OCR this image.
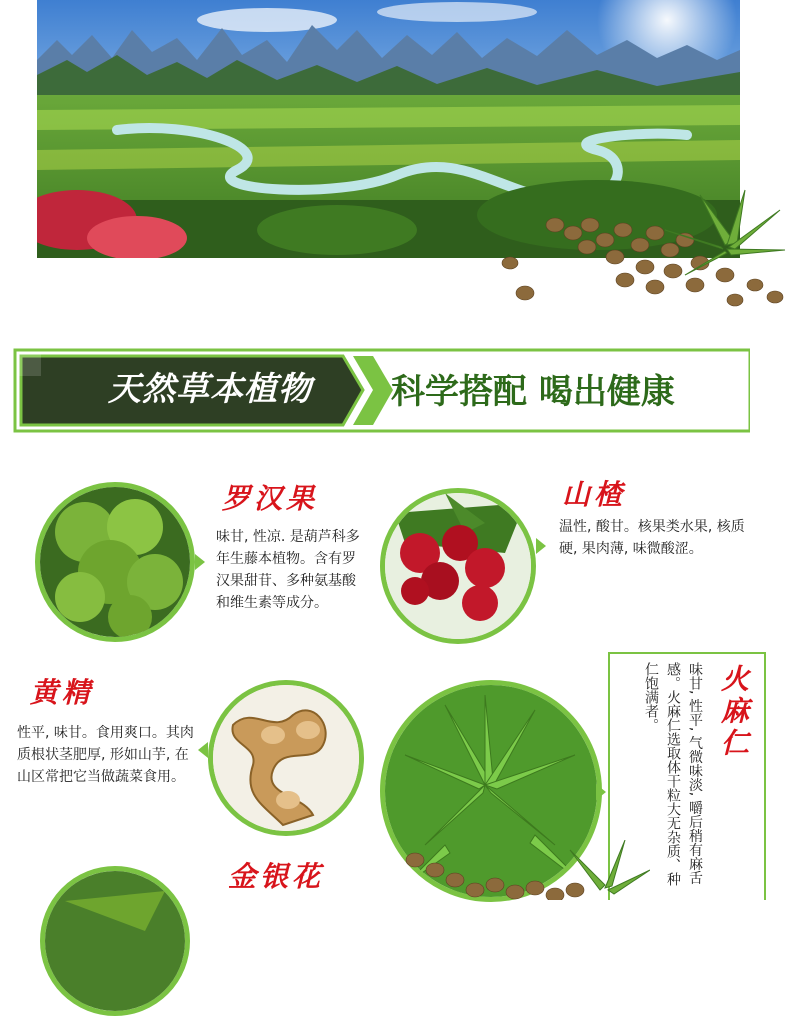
天然草本植物	科学搭配 喝出健康
罗汉果
味甘, 性凉. 是葫芦科多年生藤本植物。含有罗汉果甜苷、多种氨基酸和维生素等成分。
山楂
温性, 酸甘。核果类水果, 核质硬, 果肉薄, 味微酸涩。
黄精
性平, 味甘。食用爽口。其肉质根状茎肥厚, 形如山芋, 在山区常把它当做蔬菜食用。
火麻仁
味甘, 性平, 气微味淡, 嚼后稍有麻舌感。火麻仁选取体干粒大无杂质、种仁饱满者。
金银花
